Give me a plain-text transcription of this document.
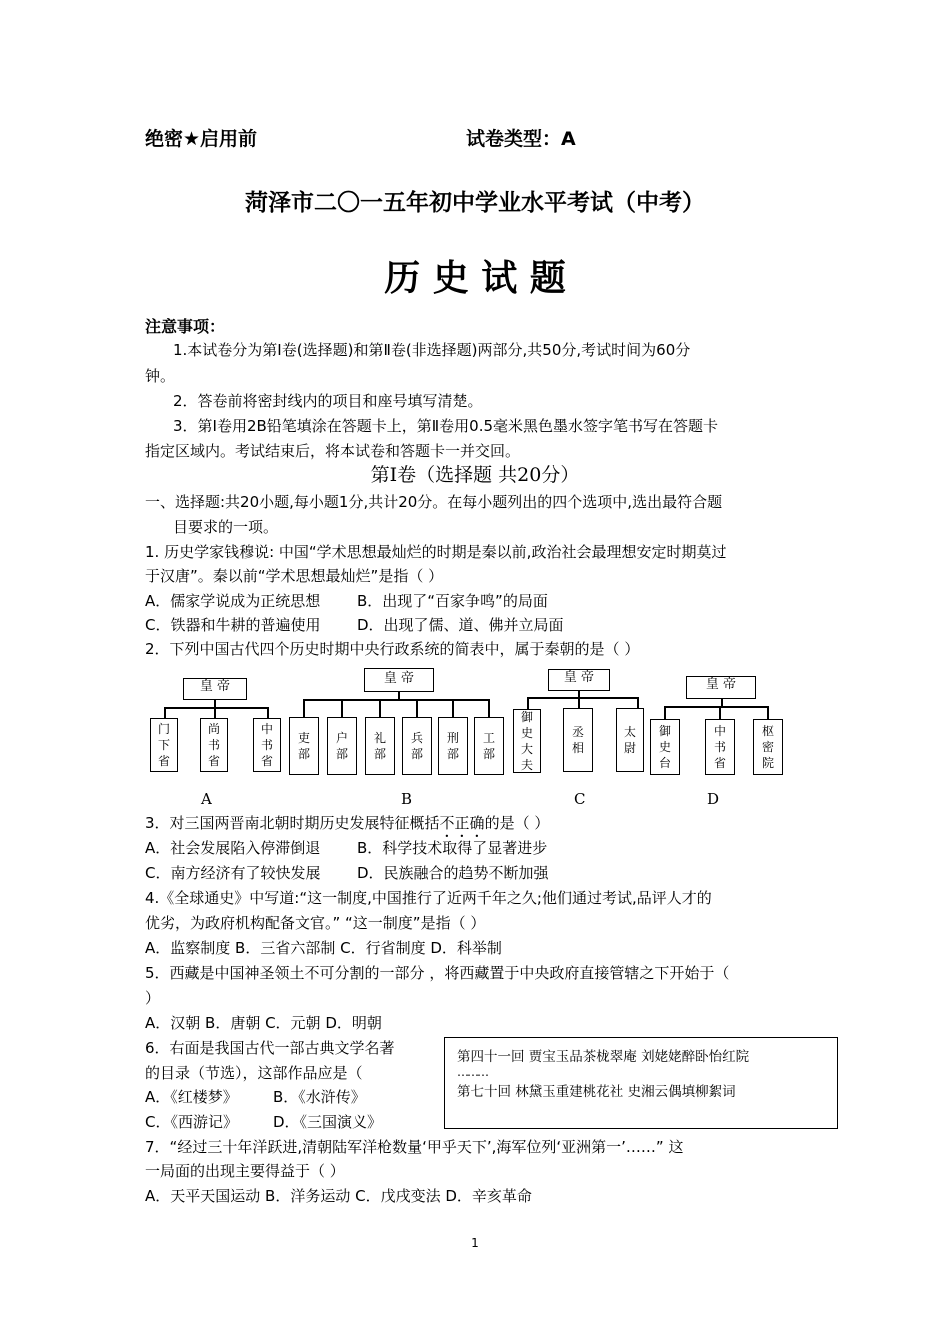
绝密★启用前	试卷类型：A
菏泽市二〇一五年初中学业水平考试（中考）
历 史 试 题
注意事项：
1.本试卷分为第Ⅰ卷(选择题)和第Ⅱ卷(非选择题)两部分,共50分,考试时间为60分
钟。
2．答卷前将密封线内的项目和座号填写清楚。
3．第Ⅰ卷用2B铅笔填涂在答题卡上，第Ⅱ卷用0.5毫米黑色墨水签字笔书写在答题卡
指定区域内。考试结束后，将本试卷和答题卡一并交回。
第Ⅰ卷（选择题 共20分）
一、选择题:共20小题,每小题1分,共计20分。在每小题列出的四个选项中,选出最符合题
目要求的一项。
1. 历史学家钱穆说: 中国“学术思想最灿烂的时期是秦以前,政治社会最理想安定时期莫过
于汉唐”。秦以前“学术思想最灿烂”是指（ ）
A．儒家学说成为正统思想 B．出现了“百家争鸣”的局面
C．铁器和牛耕的普遍使用 D．出现了儒、道、佛并立局面
2．下列中国古代四个历史时期中央行政系统的简表中，属于秦朝的是（ ）
皇 帝
门下省
尚书省
中书省
皇 帝
吏部
户部
礼部
兵部
刑部
工部
皇 帝
御史大夫
丞相
太尉
皇 帝
御史台
中书省
枢密院
A	B	C	D
3．对三国两晋南北朝时期历史发展特征概括不正确的是（ ）
A．社会发展陷入停滞倒退 B．科学技术取得了显著进步
C．南方经济有了较快发展 D．民族融合的趋势不断加强
4.《全球通史》中写道:“这一制度,中国推行了近两千年之久;他们通过考试,品评人才的
优劣，为政府机构配备文官。” “这一制度”是指（ ）
A．监察制度 B．三省六部制 C．行省制度 D．科举制
5．西藏是中国神圣领土不可分割的一部分 ，将西藏置于中央政府直接管辖之下开始于（
）
A．汉朝 B．唐朝 C．元朝 D．明朝
6．右面是我国古代一部古典文学名著
的目录（节选），这部作品应是（
A．《红楼梦》 B．《水浒传》
C．《西游记》 D．《三国演义》
第四十一回 贾宝玉品茶栊翠庵 刘姥姥醉卧怡红院
………
第七十回 林黛玉重建桃花社 史湘云偶填柳絮词
7．“经过三十年洋跃进,清朝陆军洋枪数量‘甲乎天下’,海军位列‘亚洲第一’……” 这
一局面的出现主要得益于（ ）
A．天平天国运动 B．洋务运动 C．戊戌变法 D．辛亥革命
1
